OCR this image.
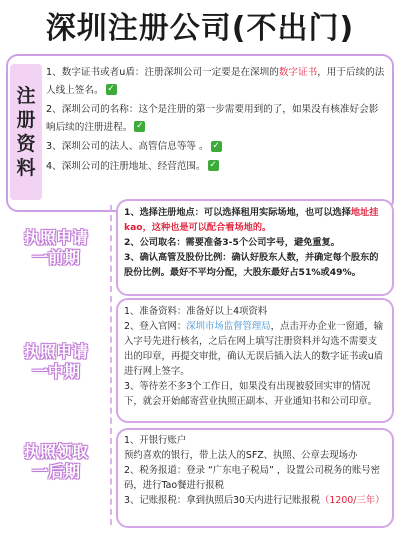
深圳注册公司(不出门)
注
册
资
料

1、数字证书或者u盾：注册深圳公司一定要是在深圳的数字证书，用于后续的法人线上签名。 ✓

2、深圳公司的名称：这个是注册的第一步需要用到的了，如果没有核准好会影响后续的注册进程。 ✓

3、深圳公司的法人、高管信息等等 。 ✓

4、深圳公司的注册地址、经营范围。 ✓

执照申请
一前期
执照申请
一中期
执照领取
一后期

1、选择注册地点：可以选择租用实际场地，也可以选择地址挂kao，这种也是可以配合看场地的。

2、公司取名：需要准备3-5个公司字号，避免重复。

3、确认高管及股份比例：确认好股东人数，并确定每个股东的股份比例。最好不平均分配，大股东最好占51%或49%。

1、准备资料：准备好以上4项资料

2、登入官网：深圳市场监督管理局，点击开办企业一窗通，输入字号先进行核名，之后在网上填写注册资料并勾选不需要支出的印章，再提交审批，确认无误后插入法人的数字证书或u盾进行网上签字。

3、等待差不多3个工作日，如果没有出现被驳回实审的情况下，就会开始邮寄营业执照正副本、开业通知书和公司印章。

1、开银行账户

预约喜欢的银行，带上法人的SFZ、执照、公章去现场办

2、税务报道：登录 “广东电子税局” ，设置公司税务的账号密码，进行Tao餐进行报税

3、记账报税：拿到执照后30天内进行记账报税（1200/三年）
